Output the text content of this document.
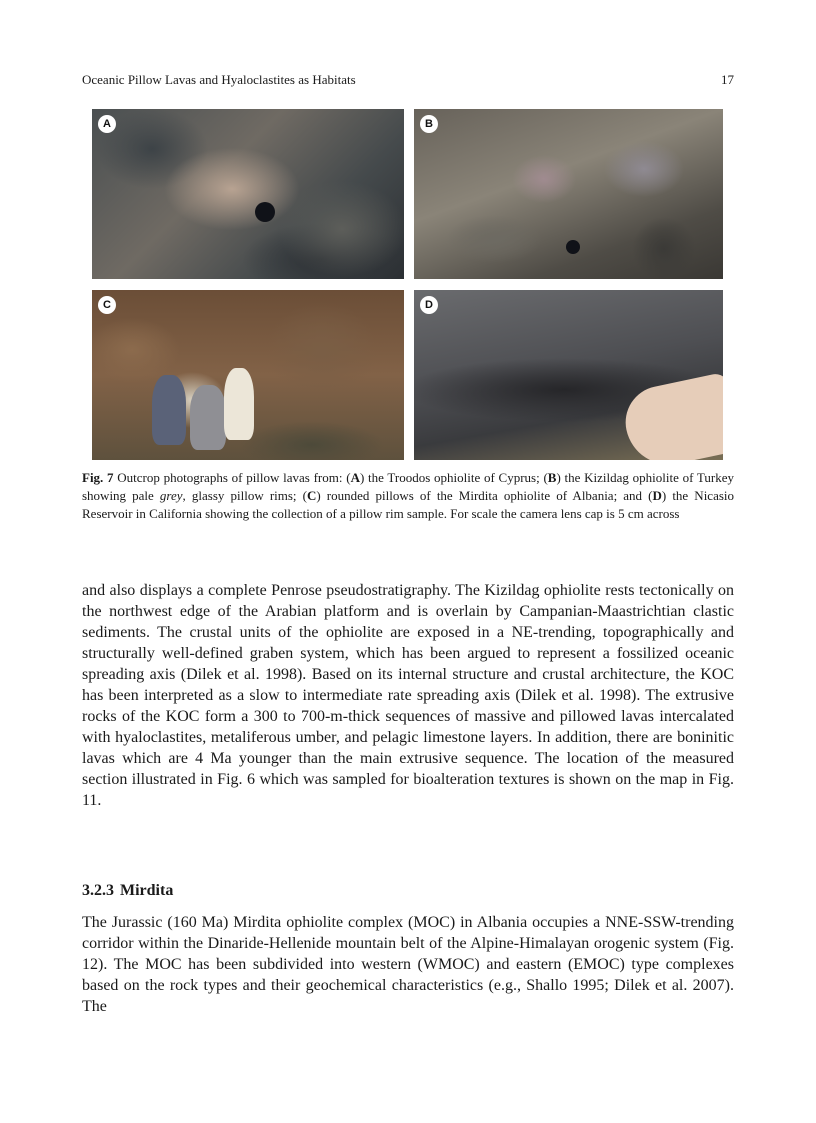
Oceanic Pillow Lavas and Hyaloclastites as Habitats	17
A	B
C	D

Fig. 7 Outcrop photographs of pillow lavas from: (A) the Troodos ophiolite of Cyprus; (B) the Kizildag ophiolite of Turkey showing pale grey, glassy pillow rims; (C) rounded pillows of the Mirdita ophiolite of Albania; and (D) the Nicasio Reservoir in California showing the collection of a pillow rim sample. For scale the camera lens cap is 5 cm across

and also displays a complete Penrose pseudostratigraphy. The Kizildag ophiolite rests tectonically on the northwest edge of the Arabian platform and is overlain by Campanian-Maastrichtian clastic sediments. The crustal units of the ophiolite are exposed in a NE-trending, topographically and structurally well-defined graben system, which has been argued to represent a fossilized oceanic spreading axis (Dilek et al. 1998). Based on its internal structure and crustal architecture, the KOC has been interpreted as a slow to intermediate rate spreading axis (Dilek et al. 1998). The extrusive rocks of the KOC form a 300 to 700-m-thick sequences of massive and pillowed lavas intercalated with hyaloclastites, metaliferous umber, and pelagic limestone layers. In addition, there are boninitic lavas which are 4 Ma younger than the main extrusive sequence. The location of the measured section illustrated in Fig. 6 which was sampled for bioalteration textures is shown on the map in Fig. 11.

3.2.3 Mirdita

The Jurassic (160 Ma) Mirdita ophiolite complex (MOC) in Albania occupies a NNE-SSW-trending corridor within the Dinaride-Hellenide mountain belt of the Alpine-Himalayan orogenic system (Fig. 12). The MOC has been subdivided into western (WMOC) and eastern (EMOC) type complexes based on the rock types and their geochemical characteristics (e.g., Shallo 1995; Dilek et al. 2007). The
